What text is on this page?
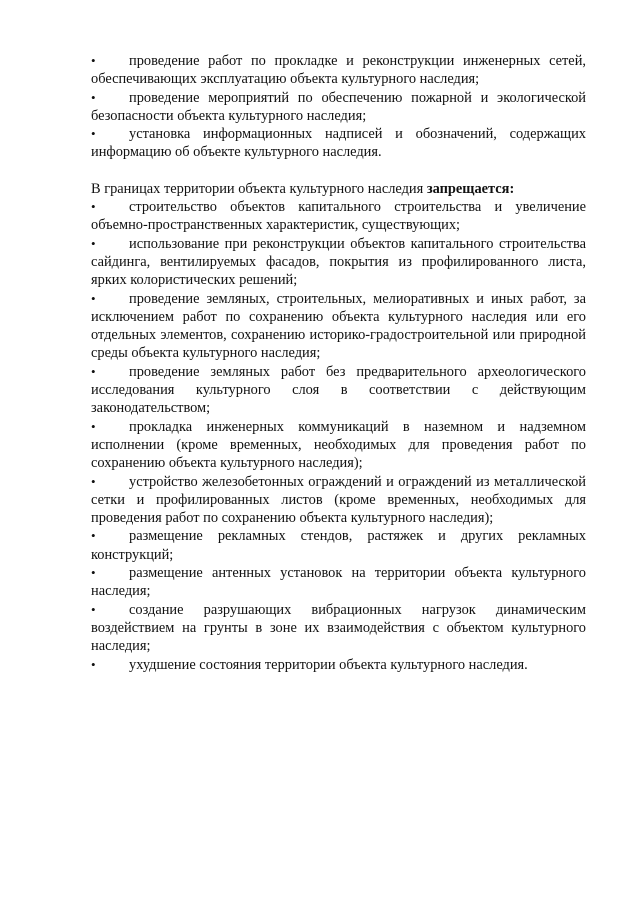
• проведение работ по прокладке и реконструкции инженерных сетей, обеспечивающих эксплуатацию объекта культурного наследия;
• проведение мероприятий по обеспечению пожарной и экологической безопасности объекта культурного наследия;
• установка информационных надписей и обозначений, содержащих информацию об объекте культурного наследия.

В границах территории объекта культурного наследия запрещается:

• строительство объектов капитального строительства и увеличение объемно-пространственных характеристик, существующих;
• использование при реконструкции объектов капитального строительства сайдинга, вентилируемых фасадов, покрытия из профилированного листа, ярких колористических решений;
• проведение земляных, строительных, мелиоративных и иных работ, за исключением работ по сохранению объекта культурного наследия или его отдельных элементов, сохранению историко-градостроительной или природной среды объекта культурного наследия;
• проведение земляных работ без предварительного археологического исследования культурного слоя в соответствии с действующим законодательством;
• прокладка инженерных коммуникаций в наземном и надземном исполнении (кроме временных, необходимых для проведения работ по сохранению объекта культурного наследия);
• устройство железобетонных ограждений и ограждений из металлической сетки и профилированных листов (кроме временных, необходимых для проведения работ по сохранению объекта культурного наследия);
• размещение рекламных стендов, растяжек и других рекламных конструкций;
• размещение антенных установок на территории объекта культурного наследия;
• создание разрушающих вибрационных нагрузок динамическим воздействием на грунты в зоне их взаимодействия с объектом культурного наследия;
• ухудшение состояния территории объекта культурного наследия.
